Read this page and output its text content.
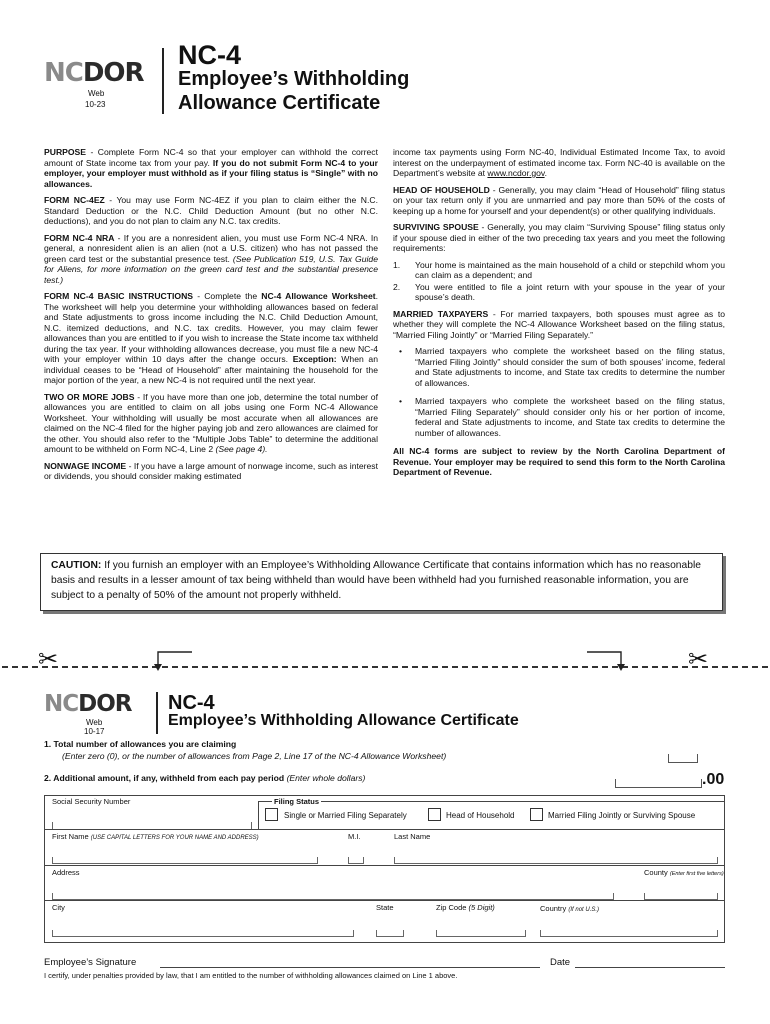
NCDOR
Web
10-23
NC-4
Employee’s Withholding
Allowance Certificate

PURPOSE - Complete Form NC-4 so that your employer can withhold the correct amount of State income tax from your pay. If you do not submit Form NC-4 to your employer, your employer must withhold as if your filing status is “Single” with no allowances.

FORM NC-4EZ - You may use Form NC-4EZ if you plan to claim either the N.C. Standard Deduction or the N.C. Child Deduction Amount (but no other N.C. deductions), and you do not plan to claim any N.C. tax credits.

FORM NC-4 NRA - If you are a nonresident alien, you must use Form NC-4 NRA. In general, a nonresident alien is an alien (not a U.S. citizen) who has not passed the green card test or the substantial presence test. (See Publication 519, U.S. Tax Guide for Aliens, for more information on the green card test and the substantial presence test.)

FORM NC-4 BASIC INSTRUCTIONS - Complete the NC-4 Allowance Worksheet. The worksheet will help you determine your withholding allowances based on federal and State adjustments to gross income including the N.C. Child Deduction Amount, N.C. itemized deductions, and N.C. tax credits. However, you may claim fewer allowances than you are entitled to if you wish to increase the State income tax withheld during the tax year. If your withholding allowances decrease, you must file a new NC-4 with your employer within 10 days after the change occurs. Exception: When an individual ceases to be “Head of Household” after maintaining the household for the major portion of the year, a new NC-4 is not required until the next year.

TWO OR MORE JOBS - If you have more than one job, determine the total number of allowances you are entitled to claim on all jobs using one Form NC-4 Allowance Worksheet. Your withholding will usually be most accurate when all allowances are claimed on the NC-4 filed for the higher paying job and zero allowances are claimed for the other. You should also refer to the “Multiple Jobs Table” to determine the additional amount to be withheld on Form NC-4, Line 2 (See page 4).

NONWAGE INCOME - If you have a large amount of nonwage income, such as interest or dividends, you should consider making estimated

income tax payments using Form NC-40, Individual Estimated Income Tax, to avoid interest on the underpayment of estimated income tax. Form NC-40 is available on the Department’s website at www.ncdor.gov.

HEAD OF HOUSEHOLD - Generally, you may claim “Head of Household” filing status on your tax return only if you are unmarried and pay more than 50% of the costs of keeping up a home for yourself and your dependent(s) or other qualifying individuals.

SURVIVING SPOUSE - Generally, you may claim “Surviving Spouse” filing status only if your spouse died in either of the two preceding tax years and you meet the following requirements:

1. Your home is maintained as the main household of a child or stepchild whom you can claim as a dependent; and
2. You were entitled to file a joint return with your spouse in the year of your spouse’s death.

MARRIED TAXPAYERS - For married taxpayers, both spouses must agree as to whether they will complete the NC-4 Allowance Worksheet based on the filing status, “Married Filing Jointly” or “Married Filing Separately.”

• Married taxpayers who complete the worksheet based on the filing status, “Married Filing Jointly” should consider the sum of both spouses’ income, federal and State adjustments to income, and State tax credits to determine the number of allowances.
• Married taxpayers who complete the worksheet based on the filing status, “Married Filing Separately” should consider only his or her portion of income, federal and State adjustments to income, and State tax credits to determine the number of allowances.

All NC-4 forms are subject to review by the North Carolina Department of Revenue. Your employer may be required to send this form to the North Carolina Department of Revenue.

CAUTION: If you furnish an employer with an Employee’s Withholding Allowance Certificate that contains information which has no reasonable basis and results in a lesser amount of tax being withheld than would have been withheld had you furnished reasonable information, you are subject to a penalty of 50% of the amount not properly withheld.
✂	✂
NCDOR
Web
10-17
NC-4
Employee’s Withholding Allowance Certificate
1. Total number of allowances you are claiming
(Enter zero (0), or the number of allowances from Page 2, Line 17 of the NC-4 Allowance Worksheet)
2. Additional amount, if any, withheld from each pay period (Enter whole dollars)	.00
Social Security Number	Filing Status
Single or Married Filing Separately	Head of Household	Married Filing Jointly or Surviving Spouse
First Name (USE CAPITAL LETTERS FOR YOUR NAME AND ADDRESS)	M.I.	Last Name
Address	County (Enter first five letters)
City	State	Zip Code (5 Digit)	Country (If not U.S.)
Employee’s Signature	Date
I certify, under penalties provided by law, that I am entitled to the number of withholding allowances claimed on Line 1 above.
